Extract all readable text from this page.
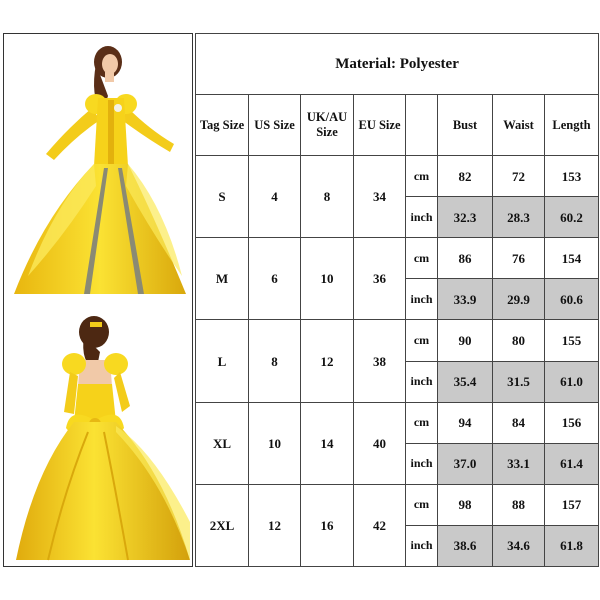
Material: Polyester							
Tag Size	US Size	UK/AU Size	EU Size		Bust	Waist	Length
S	4	8	34	cm	82	72	153
				inch	32.3	28.3	60.2
M	6	10	36	cm	86	76	154
				inch	33.9	29.9	60.6
L	8	12	38	cm	90	80	155
				inch	35.4	31.5	61.0
XL	10	14	40	cm	94	84	156
				inch	37.0	33.1	61.4
2XL	12	16	42	cm	98	88	157
				inch	38.6	34.6	61.8
